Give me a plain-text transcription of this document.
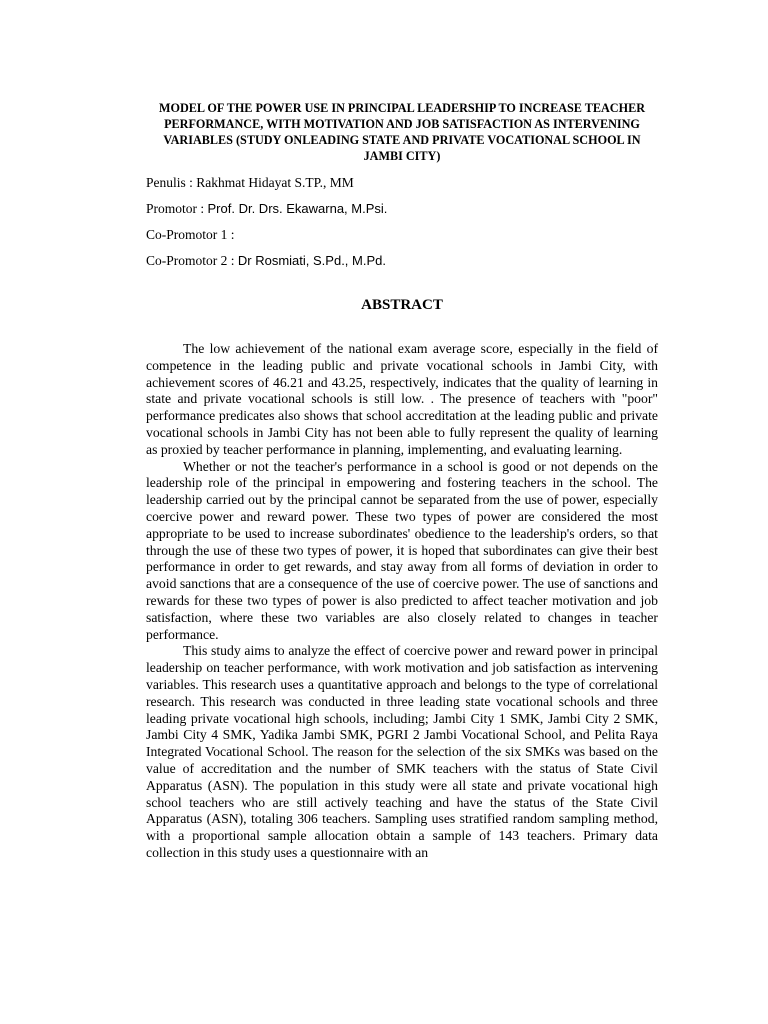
MODEL OF THE POWER USE IN PRINCIPAL LEADERSHIP TO INCREASE TEACHER PERFORMANCE, WITH MOTIVATION AND JOB SATISFACTION AS INTERVENING VARIABLES (STUDY ONLEADING STATE AND PRIVATE VOCATIONAL SCHOOL IN JAMBI CITY)

Penulis : Rakhmat Hidayat S.TP., MM

Promotor : Prof. Dr. Drs. Ekawarna, M.Psi.

Co-Promotor 1 :

Co-Promotor 2 : Dr Rosmiati, S.Pd., M.Pd.

ABSTRACT

The low achievement of the national exam average score, especially in the field of competence in the leading public and private vocational schools in Jambi City, with achievement scores of 46.21 and 43.25, respectively, indicates that the quality of learning in state and private vocational schools is still low. . The presence of teachers with "poor" performance predicates also shows that school accreditation at the leading public and private vocational schools in Jambi City has not been able to fully represent the quality of learning as proxied by teacher performance in planning, implementing, and evaluating learning.

Whether or not the teacher's performance in a school is good or not depends on the leadership role of the principal in empowering and fostering teachers in the school. The leadership carried out by the principal cannot be separated from the use of power, especially coercive power and reward power. These two types of power are considered the most appropriate to be used to increase subordinates' obedience to the leadership's orders, so that through the use of these two types of power, it is hoped that subordinates can give their best performance in order to get rewards, and stay away from all forms of deviation in order to avoid sanctions that are a consequence of the use of coercive power. The use of sanctions and rewards for these two types of power is also predicted to affect teacher motivation and job satisfaction, where these two variables are also closely related to changes in teacher performance.

This study aims to analyze the effect of coercive power and reward power in principal leadership on teacher performance, with work motivation and job satisfaction as intervening variables. This research uses a quantitative approach and belongs to the type of correlational research. This research was conducted in three leading state vocational schools and three leading private vocational high schools, including; Jambi City 1 SMK, Jambi City 2 SMK, Jambi City 4 SMK, Yadika Jambi SMK, PGRI 2 Jambi Vocational School, and Pelita Raya Integrated Vocational School. The reason for the selection of the six SMKs was based on the value of accreditation and the number of SMK teachers with the status of State Civil Apparatus (ASN). The population in this study were all state and private vocational high school teachers who are still actively teaching and have the status of the State Civil Apparatus (ASN), totaling 306 teachers. Sampling uses stratified random sampling method, with a proportional sample allocation obtain a sample of 143 teachers. Primary data collection in this study uses a questionnaire with an
